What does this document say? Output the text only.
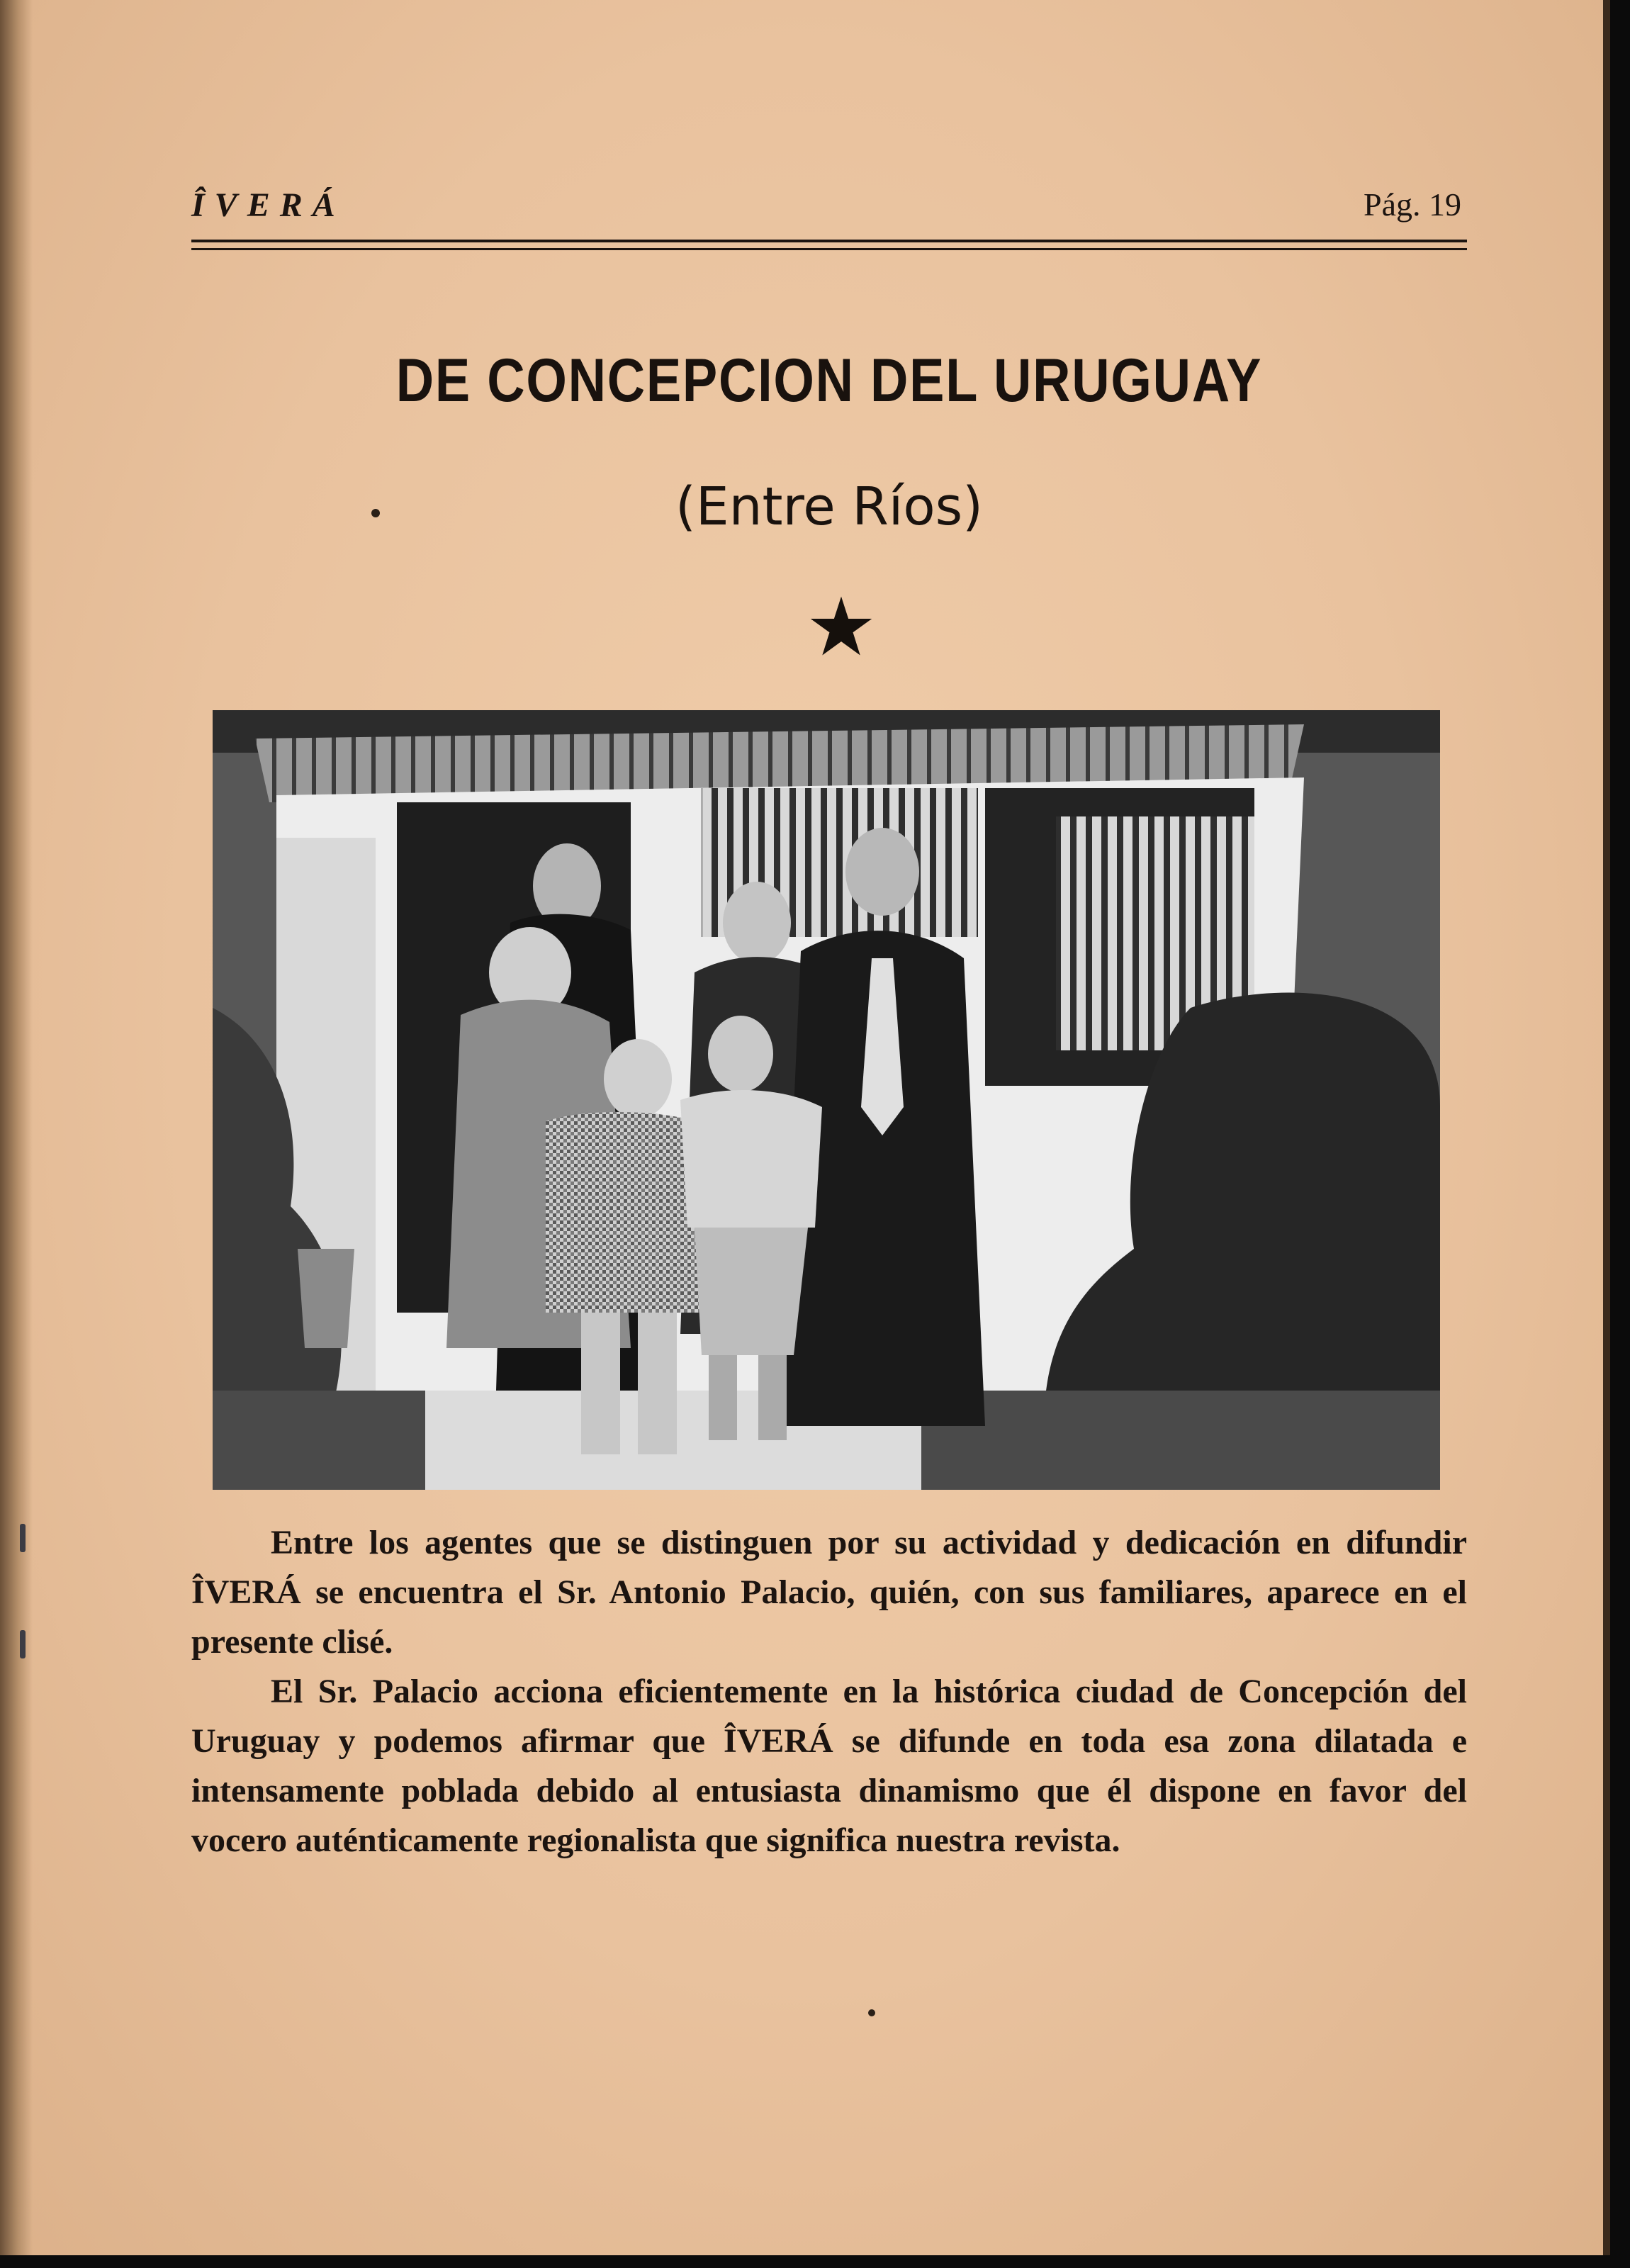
ÎVERÁ	Pág. 19
DE CONCEPCION DEL URUGUAY
(Entre Ríos)

Entre los agentes que se distinguen por su actividad y dedicación en difundir ÎVERÁ se encuentra el Sr. Antonio Palacio, quién, con sus familiares, aparece en el presente clisé.

El Sr. Palacio acciona eficientemente en la histórica ciudad de Concepción del Uruguay y podemos afirmar que ÎVERÁ se difunde en toda esa zona dilatada e intensamente poblada debido al entusiasta dinamismo que él dispone en favor del vocero auténticamente regionalista que significa nuestra revista.
